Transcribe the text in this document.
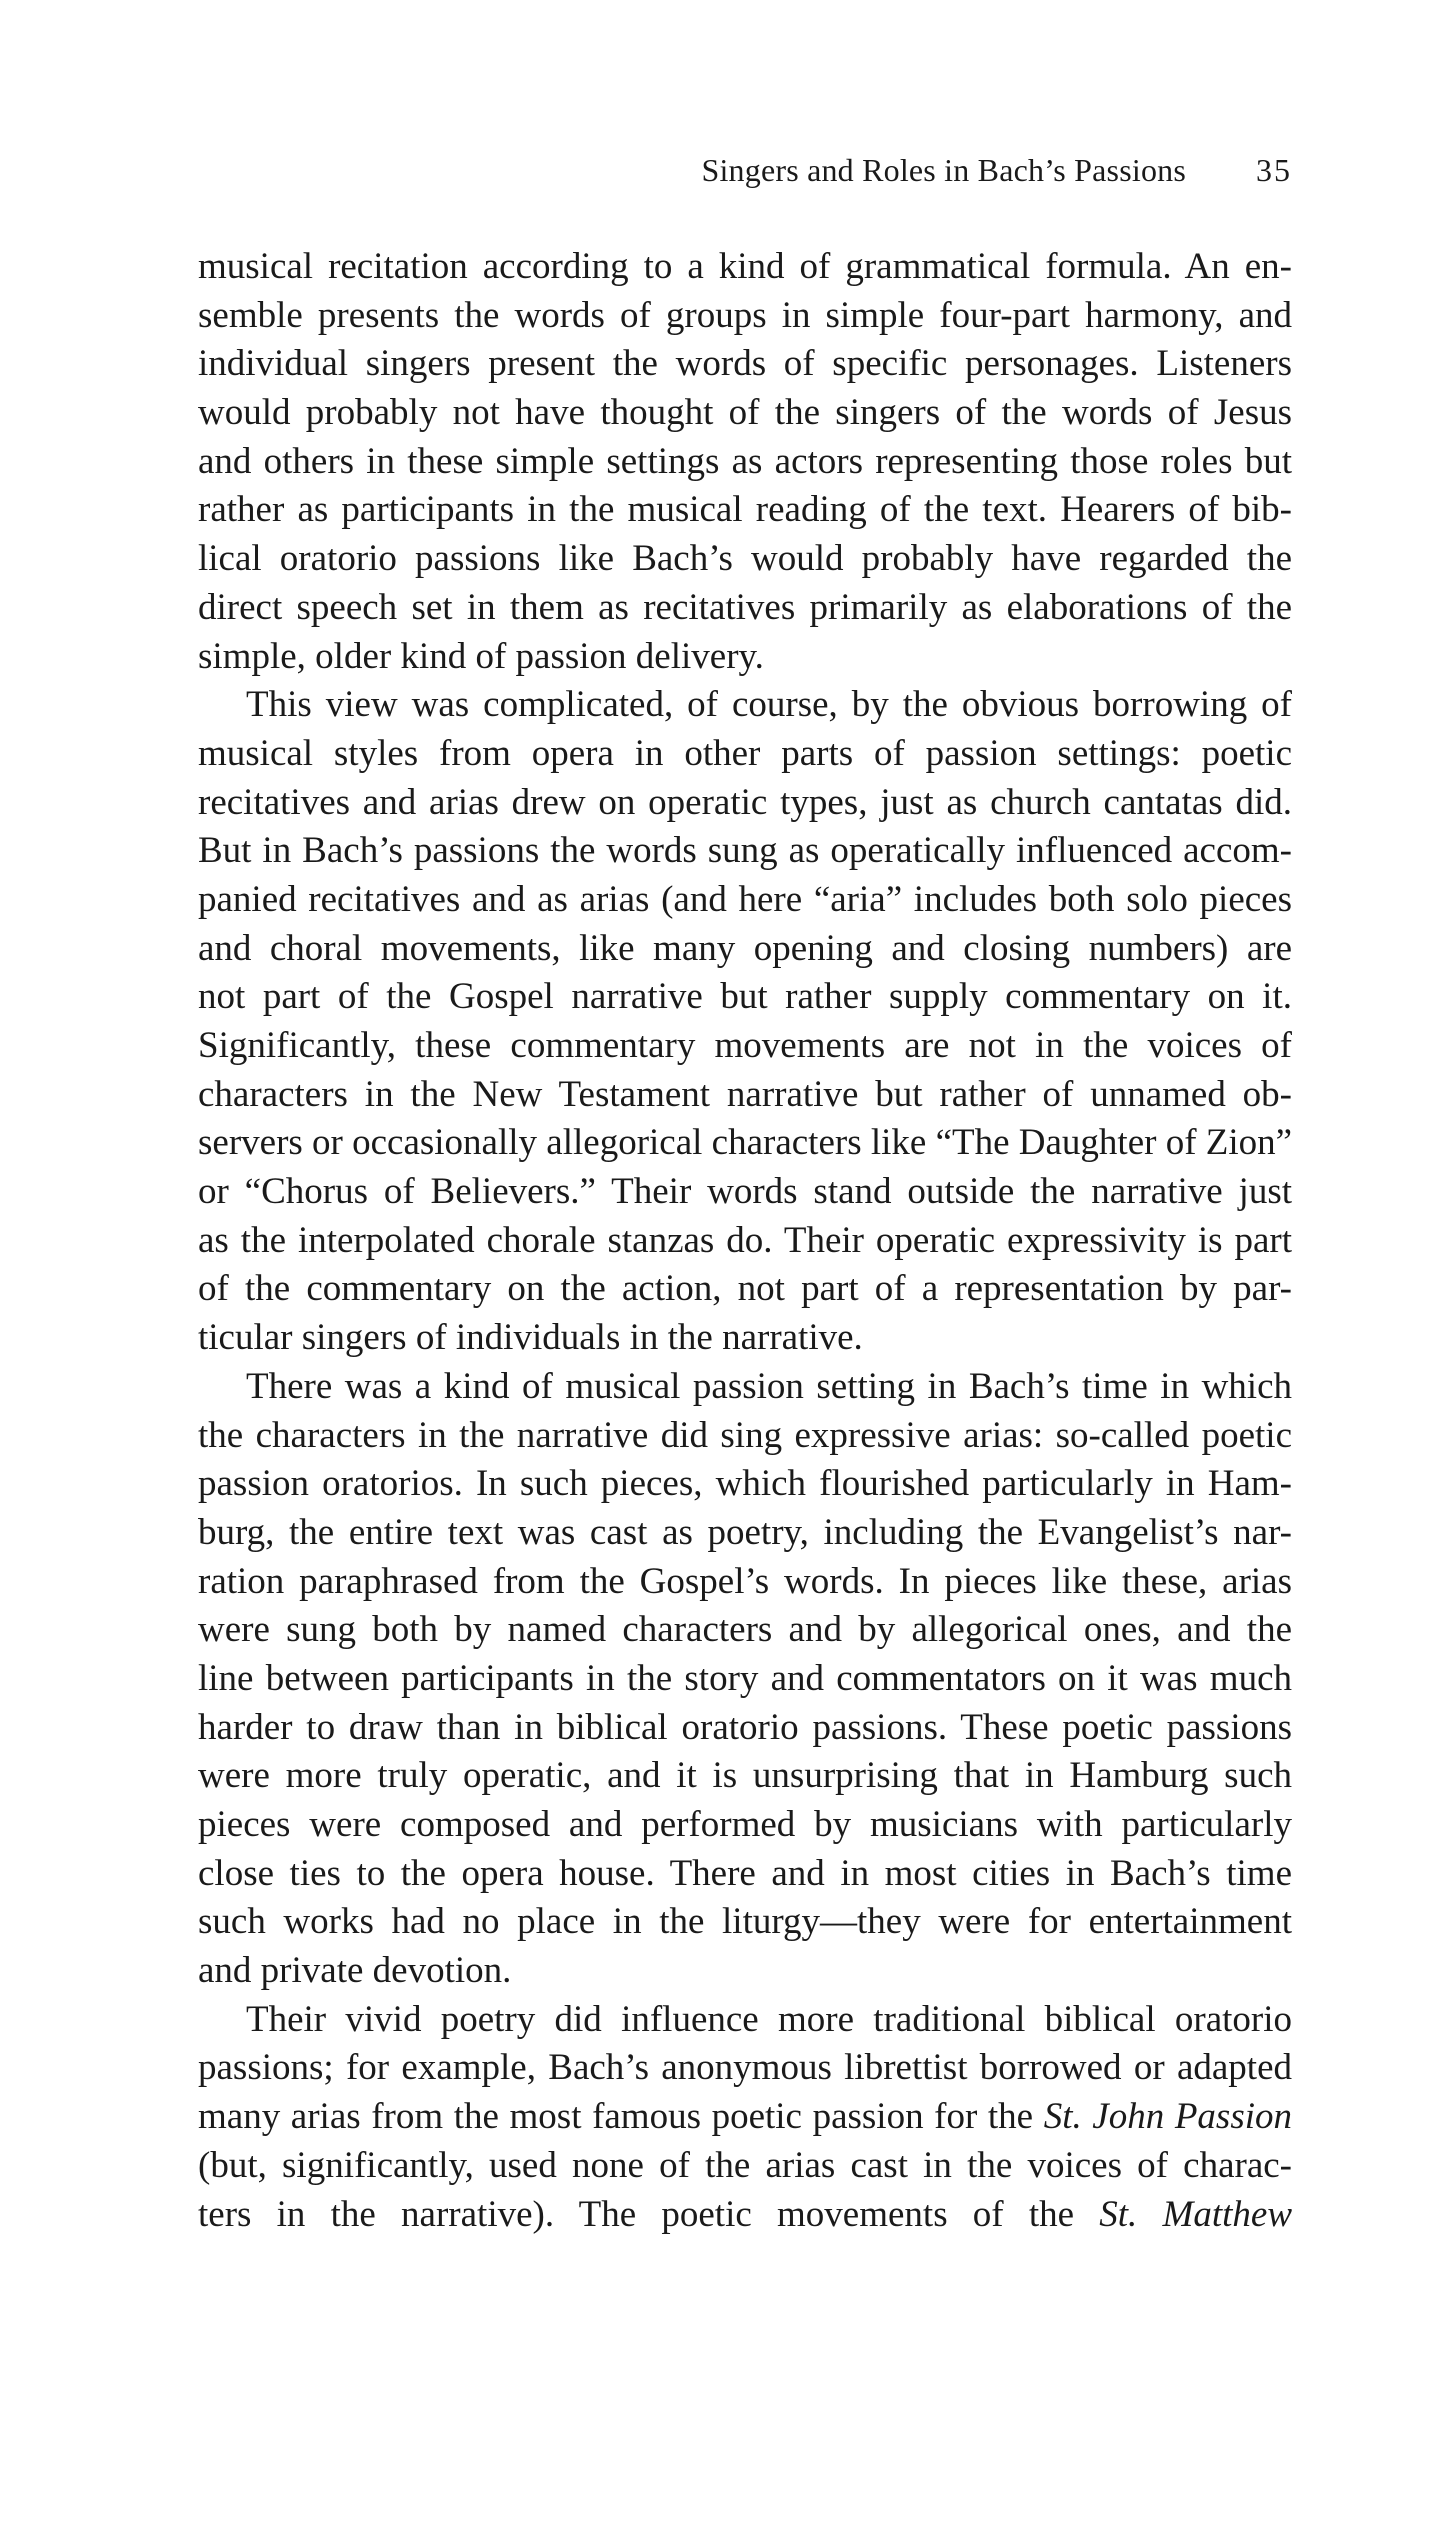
Singers and Roles in Bach’s Passions 35
musical recitation according to a kind of grammatical formula. An en-
semble presents the words of groups in simple four-part harmony, and
individual singers present the words of specific personages. Listeners
would probably not have thought of the singers of the words of Jesus
and others in these simple settings as actors representing those roles but
rather as participants in the musical reading of the text. Hearers of bib-
lical oratorio passions like Bach’s would probably have regarded the
direct speech set in them as recitatives primarily as elaborations of the
simple, older kind of passion delivery.
This view was complicated, of course, by the obvious borrowing of
musical styles from opera in other parts of passion settings: poetic
recitatives and arias drew on operatic types, just as church cantatas did.
But in Bach’s passions the words sung as operatically influenced accom-
panied recitatives and as arias (and here “aria” includes both solo pieces
and choral movements, like many opening and closing numbers) are
not part of the Gospel narrative but rather supply commentary on it.
Significantly, these commentary movements are not in the voices of
characters in the New Testament narrative but rather of unnamed ob-
servers or occasionally allegorical characters like “The Daughter of Zion”
or “Chorus of Believers.” Their words stand outside the narrative just
as the interpolated chorale stanzas do. Their operatic expressivity is part
of the commentary on the action, not part of a representation by par-
ticular singers of individuals in the narrative.
There was a kind of musical passion setting in Bach’s time in which
the characters in the narrative did sing expressive arias: so-called poetic
passion oratorios. In such pieces, which flourished particularly in Ham-
burg, the entire text was cast as poetry, including the Evangelist’s nar-
ration paraphrased from the Gospel’s words. In pieces like these, arias
were sung both by named characters and by allegorical ones, and the
line between participants in the story and commentators on it was much
harder to draw than in biblical oratorio passions. These poetic passions
were more truly operatic, and it is unsurprising that in Hamburg such
pieces were composed and performed by musicians with particularly
close ties to the opera house. There and in most cities in Bach’s time
such works had no place in the liturgy—they were for entertainment
and private devotion.
Their vivid poetry did influence more traditional biblical oratorio
passions; for example, Bach’s anonymous librettist borrowed or adapted
many arias from the most famous poetic passion for the St. John Passion
(but, significantly, used none of the arias cast in the voices of charac-
ters in the narrative). The poetic movements of the St. Matthew
